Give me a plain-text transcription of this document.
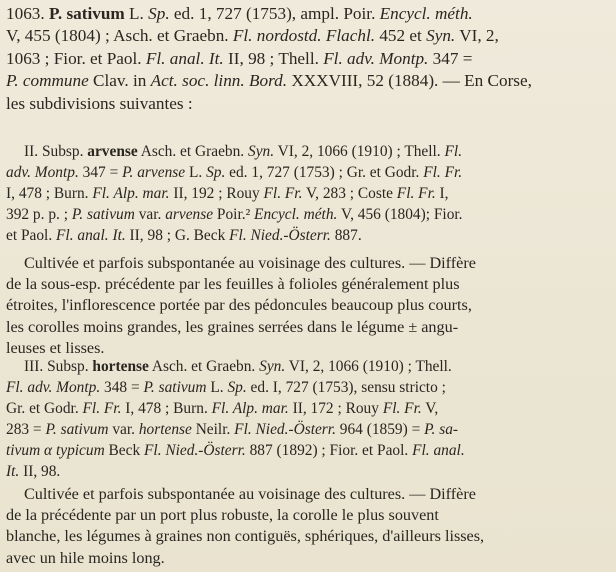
1063. P. sativum L. Sp. ed. 1, 727 (1753), ampl. Poir. Encycl. méth.
V, 455 (1804) ; Asch. et Graebn. Fl. nordostd. Flachl. 452 et Syn. VI, 2,
1063 ; Fior. et Paol. Fl. anal. It. II, 98 ; Thell. Fl. adv. Montp. 347 =
P. commune Clav. in Act. soc. linn. Bord. XXXVIII, 52 (1884). — En Corse,
les subdivisions suivantes :
II. Subsp. arvense Asch. et Graebn. Syn. VI, 2, 1066 (1910) ; Thell. Fl.
adv. Montp. 347 = P. arvense L. Sp. ed. 1, 727 (1753) ; Gr. et Godr. Fl. Fr.
I, 478 ; Burn. Fl. Alp. mar. II, 192 ; Rouy Fl. Fr. V, 283 ; Coste Fl. Fr. I,
392 p. p. ; P. sativum var. arvense Poir.² Encycl. méth. V, 456 (1804); Fior.
et Paol. Fl. anal. It. II, 98 ; G. Beck Fl. Nied.-Österr. 887.
Cultivée et parfois subspontanée au voisinage des cultures. — Diffère
de la sous-esp. précédente par les feuilles à folioles généralement plus
étroites, l'inflorescence portée par des pédoncules beaucoup plus courts,
les corolles moins grandes, les graines serrées dans le légume ± angu-
leuses et lisses.
III. Subsp. hortense Asch. et Graebn. Syn. VI, 2, 1066 (1910) ; Thell.
Fl. adv. Montp. 348 = P. sativum L. Sp. ed. I, 727 (1753), sensu stricto ;
Gr. et Godr. Fl. Fr. I, 478 ; Burn. Fl. Alp. mar. II, 172 ; Rouy Fl. Fr. V,
283 = P. sativum var. hortense Neilr. Fl. Nied.-Österr. 964 (1859) = P. sa-
tivum α typicum Beck Fl. Nied.-Österr. 887 (1892) ; Fior. et Paol. Fl. anal.
It. II, 98.
Cultivée et parfois subspontanée au voisinage des cultures. — Diffère
de la précédente par un port plus robuste, la corolle le plus souvent
blanche, les légumes à graines non contiguës, sphériques, d'ailleurs lisses,
avec un hile moins long.
